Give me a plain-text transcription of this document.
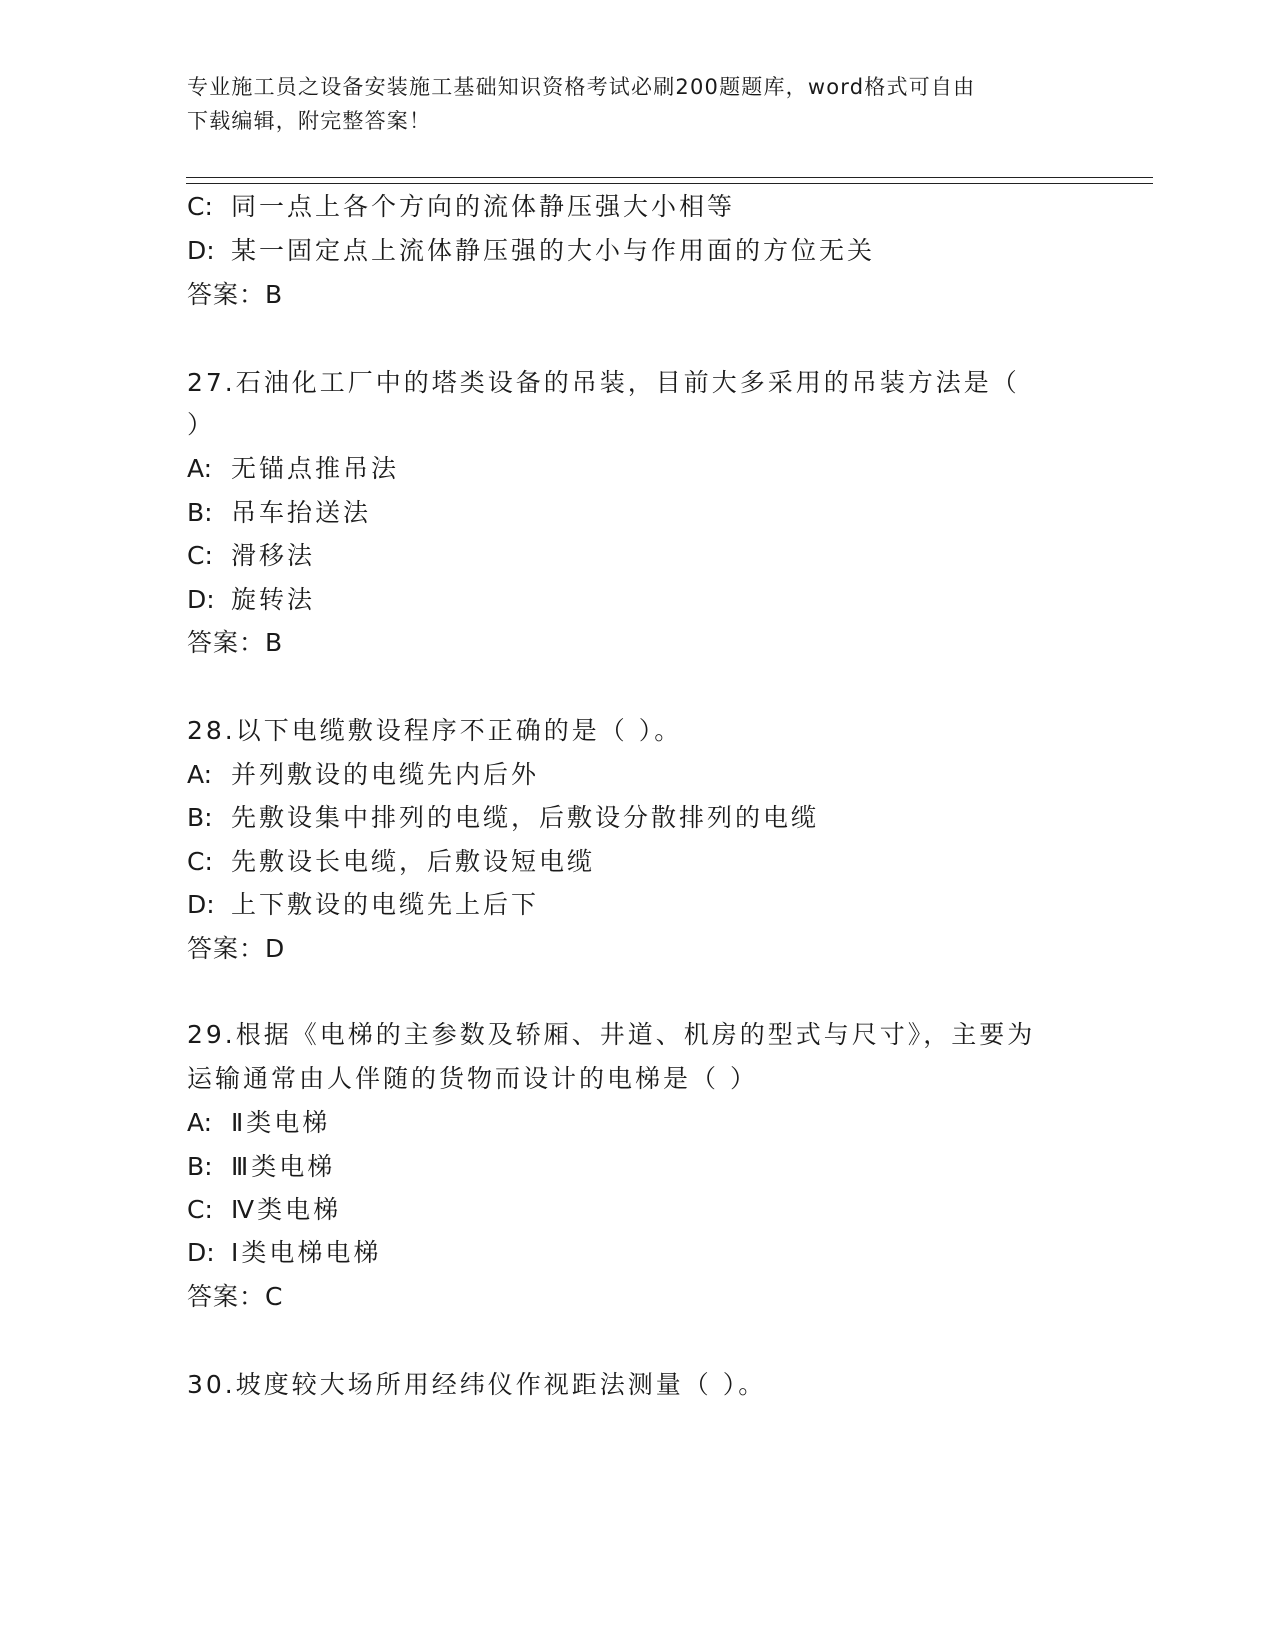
专业施工员之设备安装施工基础知识资格考试必刷200题题库，word格式可自由
下载编辑，附完整答案！
C: 同一点上各个方向的流体静压强大小相等
D: 某一固定点上流体静压强的大小与作用面的方位无关
答案：B
27.石油化工厂中的塔类设备的吊装，目前大多采用的吊装方法是（
）
A: 无锚点推吊法
B: 吊车抬送法
C: 滑移法
D: 旋转法
答案：B
28.以下电缆敷设程序不正确的是（ ）。
A: 并列敷设的电缆先内后外
B: 先敷设集中排列的电缆，后敷设分散排列的电缆
C: 先敷设长电缆，后敷设短电缆
D: 上下敷设的电缆先上后下
答案：D
29.根据《电梯的主参数及轿厢、井道、机房的型式与尺寸》，主要为
运输通常由人伴随的货物而设计的电梯是（ ）
A: Ⅱ类电梯
B: Ⅲ类电梯
C: Ⅳ类电梯
D: Ⅰ类电梯电梯
答案：C
30.坡度较大场所用经纬仪作视距法测量（ ）。
